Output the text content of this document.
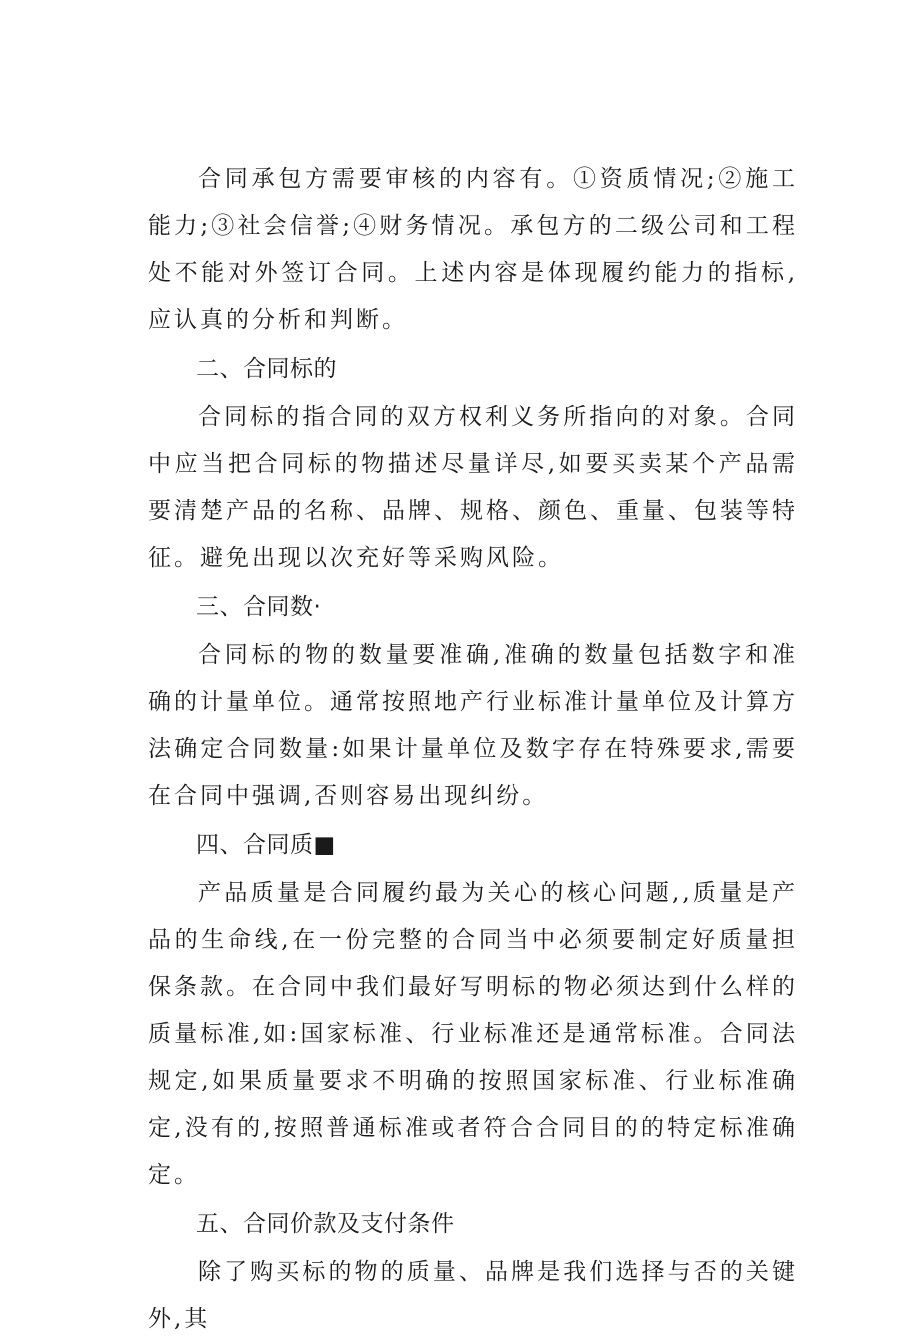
合同承包方需要审核的内容有。①资质情况;②施工能力;③社会信誉;④财务情况。承包方的二级公司和工程处不能对外签订合同。上述内容是体现履约能力的指标,应认真的分析和判断。

二、合同标的

合同标的指合同的双方权利义务所指向的对象。合同中应当把合同标的物描述尽量详尽,如要买卖某个产品需要清楚产品的名称、品牌、规格、颜色、重量、包装等特征。避免出现以次充好等采购风险。

三、合同数·

合同标的物的数量要准确,准确的数量包括数字和准确的计量单位。通常按照地产行业标准计量单位及计算方法确定合同数量:如果计量单位及数字存在特殊要求,需要在合同中强调,否则容易出现纠纷。

四、合同质■

产品质量是合同履约最为关心的核心问题,,质量是产品的生命线,在一份完整的合同当中必须要制定好质量担保条款。在合同中我们最好写明标的物必须达到什么样的质量标准,如:国家标准、行业标准还是通常标准。合同法规定,如果质量要求不明确的按照国家标准、行业标准确定,没有的,按照普通标准或者符合合同目的的特定标准确定。

五、合同价款及支付条件

除了购买标的物的质量、品牌是我们选择与否的关键外,其
